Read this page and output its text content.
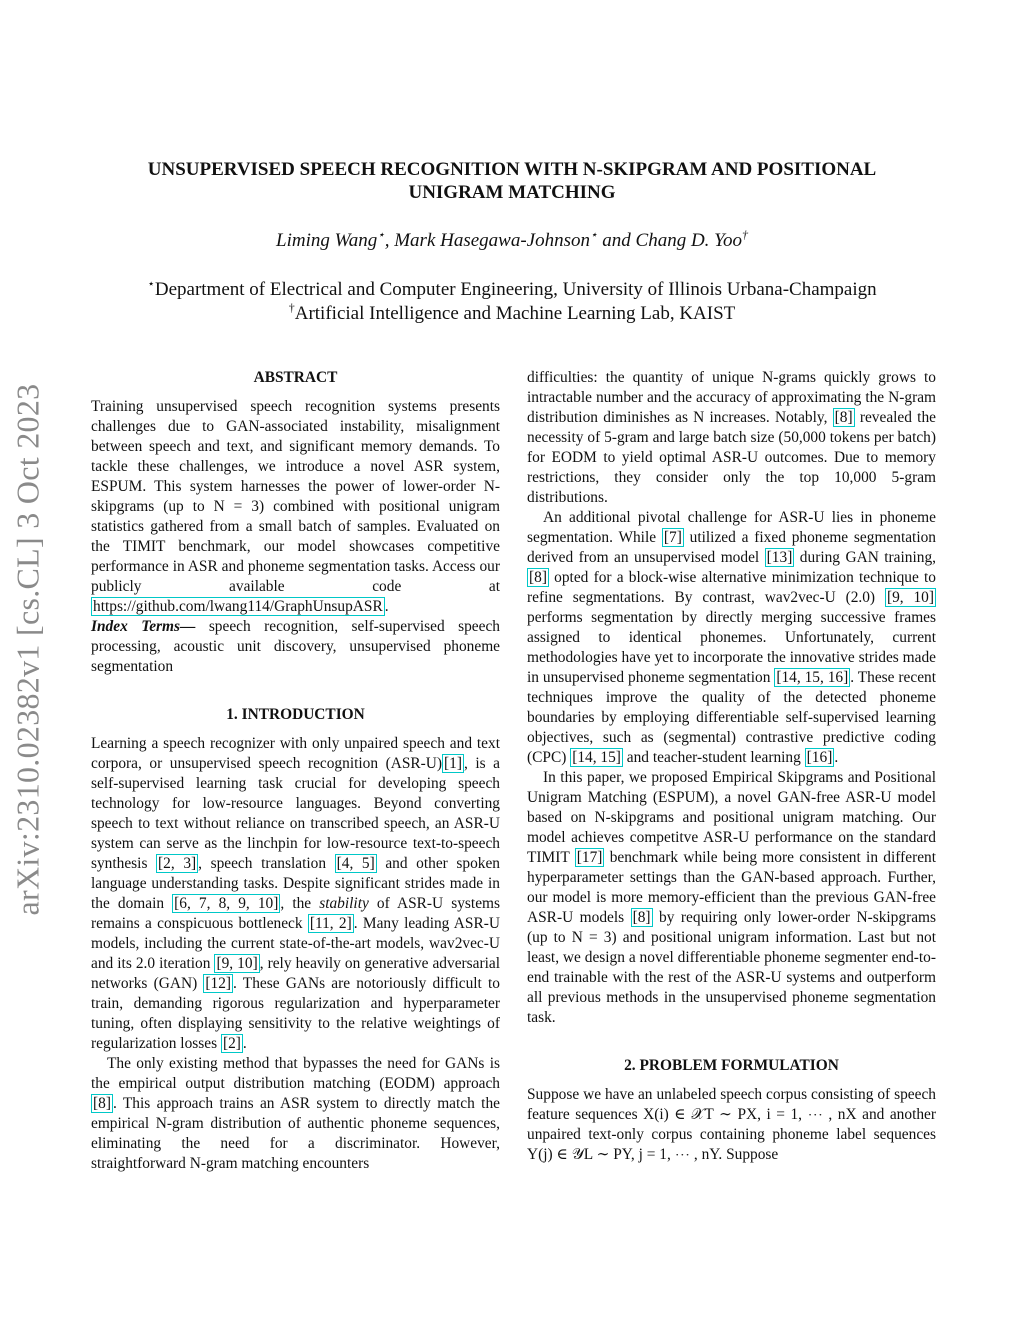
arXiv:2310.02382v1 [cs.CL] 3 Oct 2023
UNSUPERVISED SPEECH RECOGNITION WITH N-SKIPGRAM AND POSITIONAL UNIGRAM MATCHING
Liming Wang⋆, Mark Hasegawa-Johnson⋆ and Chang D. Yoo†
⋆Department of Electrical and Computer Engineering, University of Illinois Urbana-Champaign
†Artificial Intelligence and Machine Learning Lab, KAIST
ABSTRACT

Training unsupervised speech recognition systems presents challenges due to GAN-associated instability, misalignment between speech and text, and significant memory demands. To tackle these challenges, we introduce a novel ASR system, ESPUM. This system harnesses the power of lower-order N-skipgrams (up to N = 3) combined with positional unigram statistics gathered from a small batch of samples. Evaluated on the TIMIT benchmark, our model showcases competitive performance in ASR and phoneme segmentation tasks. Access our publicly available code at https://github.com/lwang114/GraphUnsupASR .

Index Terms— speech recognition, self-supervised speech processing, acoustic unit discovery, unsupervised phoneme segmentation

1. INTRODUCTION

Learning a speech recognizer with only unpaired speech and text corpora, or unsupervised speech recognition (ASR-U) [1] , is a self-supervised learning task crucial for developing speech technology for low-resource languages. Beyond converting speech to text without reliance on transcribed speech, an ASR-U system can serve as the linchpin for low-resource text-to-speech synthesis [2, 3] , speech translation [4, 5] and other spoken language understanding tasks. Despite significant strides made in the domain [6, 7, 8, 9, 10] , the stability of ASR-U systems remains a conspicuous bottleneck [11, 2] . Many leading ASR-U models, including the current state-of-the-art models, wav2vec-U and its 2.0 iteration [9, 10] , rely heavily on generative adversarial networks (GAN) [12] . These GANs are notoriously difficult to train, demanding rigorous regularization and hyperparameter tuning, often displaying sensitivity to the relative weightings of regularization losses [2] .

The only existing method that bypasses the need for GANs is the empirical output distribution matching (EODM) approach [8] . This approach trains an ASR system to directly match the empirical N-gram distribution of authentic phoneme sequences, eliminating the need for a discriminator. However, straightforward N-gram matching encounters

difficulties: the quantity of unique N-grams quickly grows to intractable number and the accuracy of approximating the N-gram distribution diminishes as N increases. Notably, [8] revealed the necessity of 5-gram and large batch size (50,000 tokens per batch) for EODM to yield optimal ASR-U outcomes. Due to memory restrictions, they consider only the top 10,000 5-gram distributions.

An additional pivotal challenge for ASR-U lies in phoneme segmentation. While [7] utilized a fixed phoneme segmentation derived from an unsupervised model [13] during GAN training, [8] opted for a block-wise alternative minimization technique to refine segmentations. By contrast, wav2vec-U (2.0) [9, 10] performs segmentation by directly merging successive frames assigned to identical phonemes. Unfortunately, current methodologies have yet to incorporate the innovative strides made in unsupervised phoneme segmentation [14, 15, 16] . These recent techniques improve the quality of the detected phoneme boundaries by employing differentiable self-supervised learning objectives, such as (segmental) contrastive predictive coding (CPC) [14, 15] and teacher-student learning [16] .

In this paper, we proposed Empirical Skipgrams and Positional Unigram Matching (ESPUM), a novel GAN-free ASR-U model based on N-skipgrams and positional unigram matching. Our model achieves competitve ASR-U performance on the standard TIMIT [17] benchmark while being more consistent in different hyperparameter settings than the GAN-based approach. Further, our model is more memory-efficient than the previous GAN-free ASR-U models [8] by requiring only lower-order N-skipgrams (up to N = 3) and positional unigram information. Last but not least, we design a novel differentiable phoneme segmenter end-to-end trainable with the rest of the ASR-U systems and outperform all previous methods in the unsupervised phoneme segmentation task.

2. PROBLEM FORMULATION

Suppose we have an unlabeled speech corpus consisting of speech feature sequences X(i) ∈ 𝒳T ∼ PX, i = 1, ⋯ , nX and another unpaired text-only corpus containing phoneme label sequences Y(j) ∈ 𝒴L ∼ PY, j = 1, ⋯ , nY. Suppose
